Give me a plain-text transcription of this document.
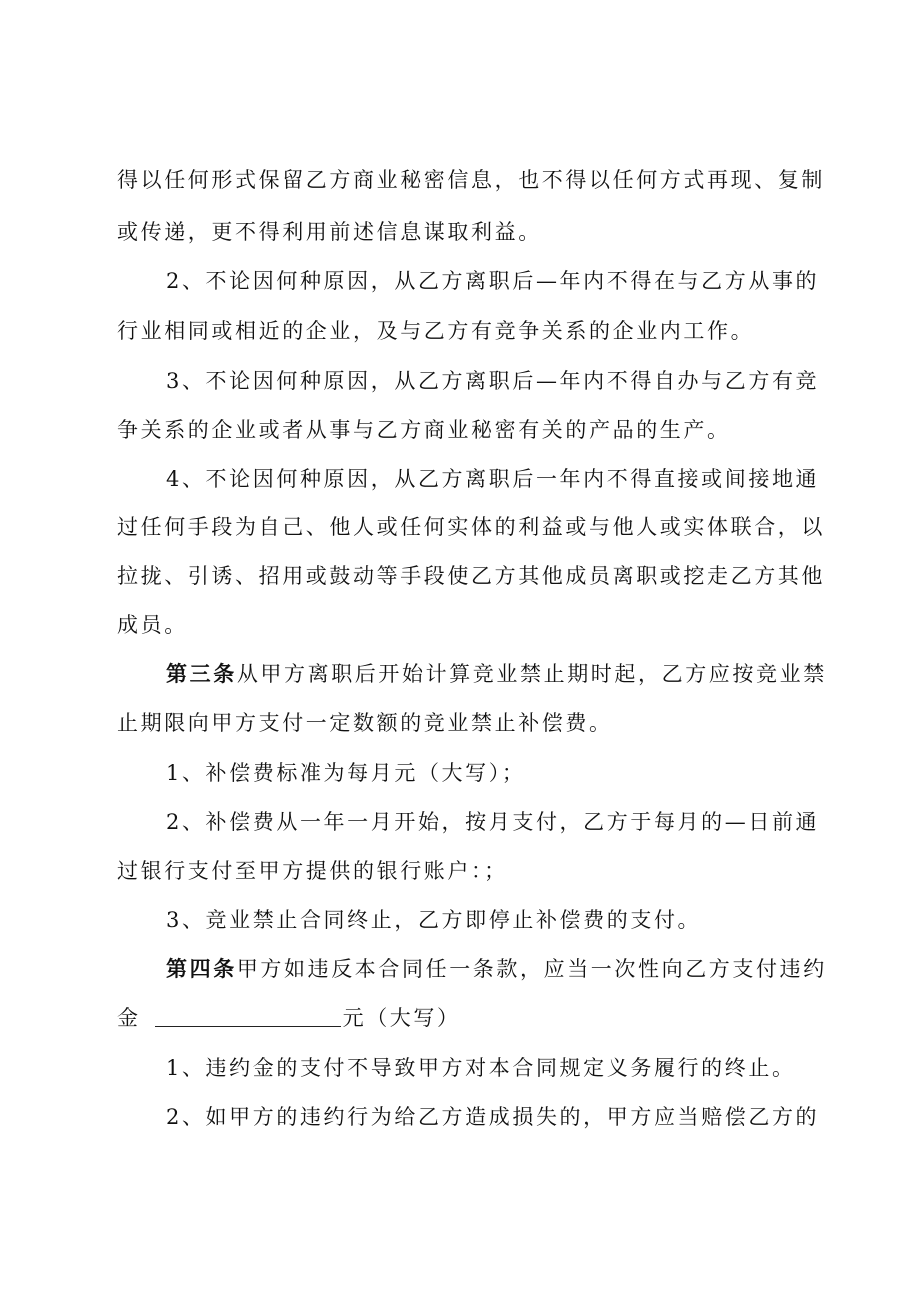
得以任何形式保留乙方商业秘密信息，也不得以任何方式再现、复制
或传递，更不得利用前述信息谋取利益。
2、不论因何种原因，从乙方离职后—年内不得在与乙方从事的
行业相同或相近的企业，及与乙方有竞争关系的企业内工作。
3、不论因何种原因，从乙方离职后—年内不得自办与乙方有竞
争关系的企业或者从事与乙方商业秘密有关的产品的生产。
4、不论因何种原因，从乙方离职后一年内不得直接或间接地通
过任何手段为自己、他人或任何实体的利益或与他人或实体联合，以
拉拢、引诱、招用或鼓动等手段使乙方其他成员离职或挖走乙方其他
成员。
第三条从甲方离职后开始计算竞业禁止期时起，乙方应按竞业禁
止期限向甲方支付一定数额的竞业禁止补偿费。
1、补偿费标准为每月元（大写）；
2、补偿费从一年一月开始，按月支付，乙方于每月的—日前通
过银行支付至甲方提供的银行账户：；
3、竞业禁止合同终止，乙方即停止补偿费的支付。
第四条甲方如违反本合同任一条款，应当一次性向乙方支付违约
金	元（大写）
1、违约金的支付不导致甲方对本合同规定义务履行的终止。
2、如甲方的违约行为给乙方造成损失的，甲方应当赔偿乙方的
